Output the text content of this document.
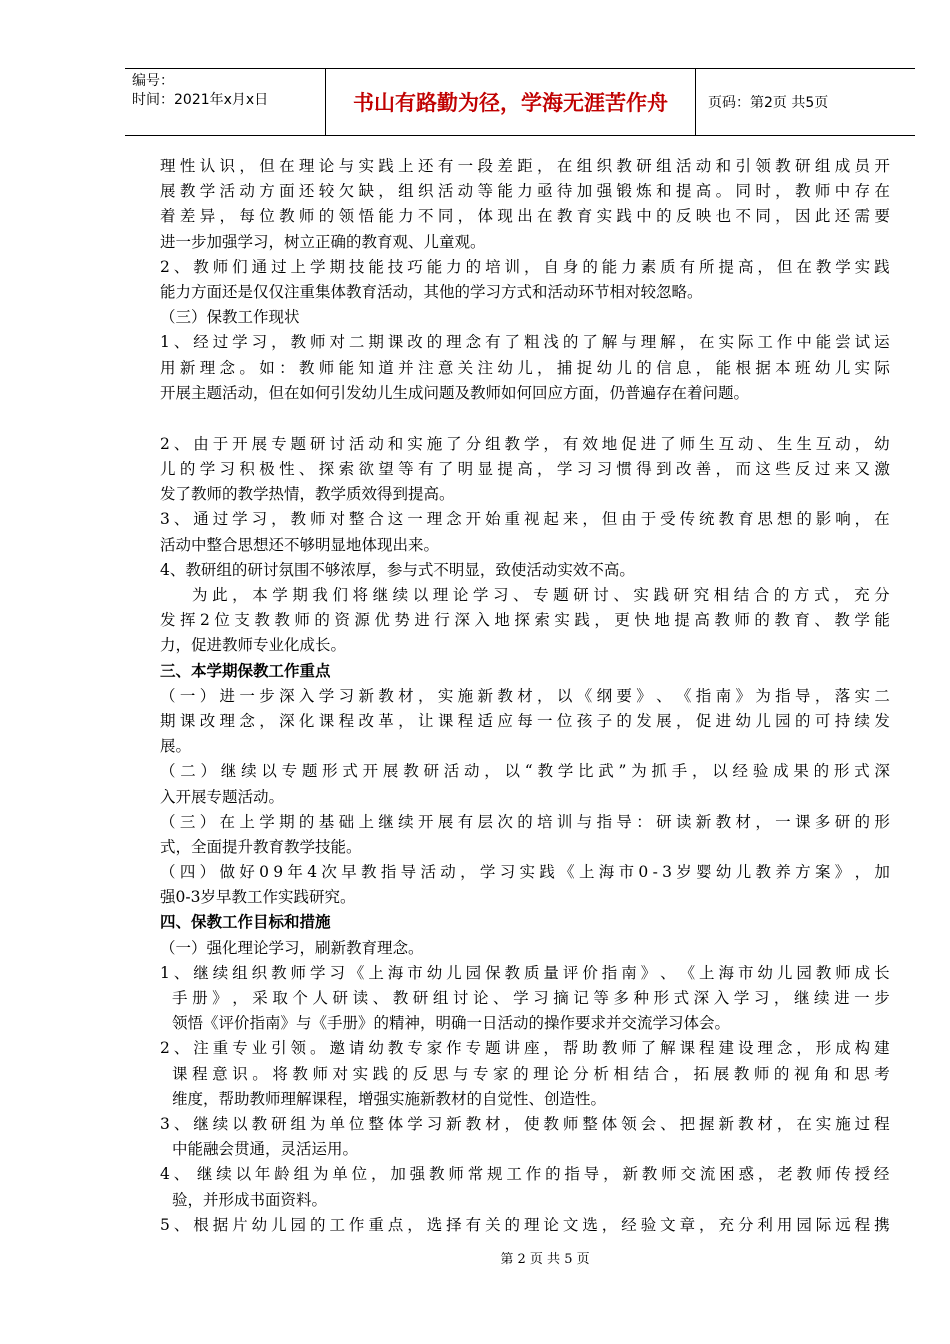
编号：
时间：2021年x月x日	书山有路勤为径，学海无涯苦作舟	页码：第2页 共5页
理 性 认 识 ， 但 在 理 论 与 实 践 上 还 有 一 段 差 距 ， 在 组 织 教 研 组 活 动 和 引 领 教 研 组 成 员 开
展 教 学 活 动 方 面 还 较 欠 缺 ， 组 织 活 动 等 能 力 亟 待 加 强 锻 炼 和 提 高 。 同 时 ， 教 师 中 存 在
着 差 异 ， 每 位 教 师 的 领 悟 能 力 不 同 ， 体 现 出 在 教 育 实 践 中 的 反 映 也 不 同 ， 因 此 还 需 要
进一步加强学习，树立正确的教育观、儿童观。
2 、 教 师 们 通 过 上 学 期 技 能 技 巧 能 力 的 培 训 ， 自 身 的 能 力 素 质 有 所 提 高 ， 但 在 教 学 实 践
能力方面还是仅仅注重集体教育活动，其他的学习方式和活动环节相对较忽略。
（三）保教工作现状
1 、 经 过 学 习 ， 教 师 对 二 期 课 改 的 理 念 有 了 粗 浅 的 了 解 与 理 解 ， 在 实 际 工 作 中 能 尝 试 运
用 新 理 念 。 如 ： 教 师 能 知 道 并 注 意 关 注 幼 儿 ， 捕 捉 幼 儿 的 信 息 ， 能 根 据 本 班 幼 儿 实 际
开展主题活动，但在如何引发幼儿生成问题及教师如何回应方面，仍普遍存在着问题。
2 、 由 于 开 展 专 题 研 讨 活 动 和 实 施 了 分 组 教 学 ， 有 效 地 促 进 了 师 生 互 动 、 生 生 互 动 ， 幼
儿 的 学 习 积 极 性 、 探 索 欲 望 等 有 了 明 显 提 高 ， 学 习 习 惯 得 到 改 善 ， 而 这 些 反 过 来 又 激
发了教师的教学热情，教学质效得到提高。
3 、 通 过 学 习 ， 教 师 对 整 合 这 一 理 念 开 始 重 视 起 来 ， 但 由 于 受 传 统 教 育 思 想 的 影 响 ， 在
活动中整合思想还不够明显地体现出来。
4、教研组的研讨氛围不够浓厚，参与式不明显，致使活动实效不高。
为 此 ， 本 学 期 我 们 将 继 续 以 理 论 学 习 、 专 题 研 讨 、 实 践 研 究 相 结 合 的 方 式 ， 充 分
发 挥 2 位 支 教 教 师 的 资 源 优 势 进 行 深 入 地 探 索 实 践 ， 更 快 地 提 高 教 师 的 教 育 、 教 学 能
力，促进教师专业化成长。
三、本学期保教工作重点
（ 一 ） 进 一 步 深 入 学 习 新 教 材 ， 实 施 新 教 材 ， 以 《 纲 要 》 、 《 指 南 》 为 指 导 ， 落 实 二
期 课 改 理 念 ， 深 化 课 程 改 革 ， 让 课 程 适 应 每 一 位 孩 子 的 发 展 ， 促 进 幼 儿 园 的 可 持 续 发
展。
（ 二 ） 继 续 以 专 题 形 式 开 展 教 研 活 动 ， 以 “ 教 学 比 武 ” 为 抓 手 ， 以 经 验 成 果 的 形 式 深
入开展专题活动。
（ 三 ） 在 上 学 期 的 基 础 上 继 续 开 展 有 层 次 的 培 训 与 指 导 ： 研 读 新 教 材 ， 一 课 多 研 的 形
式，全面提升教育教学技能。
（ 四 ） 做 好 0 9 年 4 次 早 教 指 导 活 动 ， 学 习 实 践 《 上 海 市 0 - 3 岁 婴 幼 儿 教 养 方 案 》 ， 加
强0-3岁早教工作实践研究。
四、保教工作目标和措施
（一）强化理论学习，刷新教育理念。
1 、 继 续 组 织 教 师 学 习 《 上 海 市 幼 儿 园 保 教 质 量 评 价 指 南 》 、 《 上 海 市 幼 儿 园 教 师 成 长
手 册 》 ， 采 取 个 人 研 读 、 教 研 组 讨 论 、 学 习 摘 记 等 多 种 形 式 深 入 学 习 ， 继 续 进 一 步
领悟《评价指南》与《手册》的精神，明确一日活动的操作要求并交流学习体会。
2 、 注 重 专 业 引 领 。 邀 请 幼 教 专 家 作 专 题 讲 座 ， 帮 助 教 师 了 解 课 程 建 设 理 念 ， 形 成 构 建
课 程 意 识 。 将 教 师 对 实 践 的 反 思 与 专 家 的 理 论 分 析 相 结 合 ， 拓 展 教 师 的 视 角 和 思 考
维度，帮助教师理解课程，增强实施新教材的自觉性、创造性。
3 、 继 续 以 教 研 组 为 单 位 整 体 学 习 新 教 材 ， 使 教 师 整 体 领 会 、 把 握 新 教 材 ， 在 实 施 过 程
中能融会贯通，灵活运用。
4 、 继 续 以 年 龄 组 为 单 位 ， 加 强 教 师 常 规 工 作 的 指 导 ， 新 教 师 交 流 困 惑 ， 老 教 师 传 授 经
验，并形成书面资料。
5 、 根 据 片 幼 儿 园 的 工 作 重 点 ， 选 择 有 关 的 理 论 文 选 ， 经 验 文 章 ， 充 分 利 用 园 际 远 程 携
第 2 页 共 5 页
